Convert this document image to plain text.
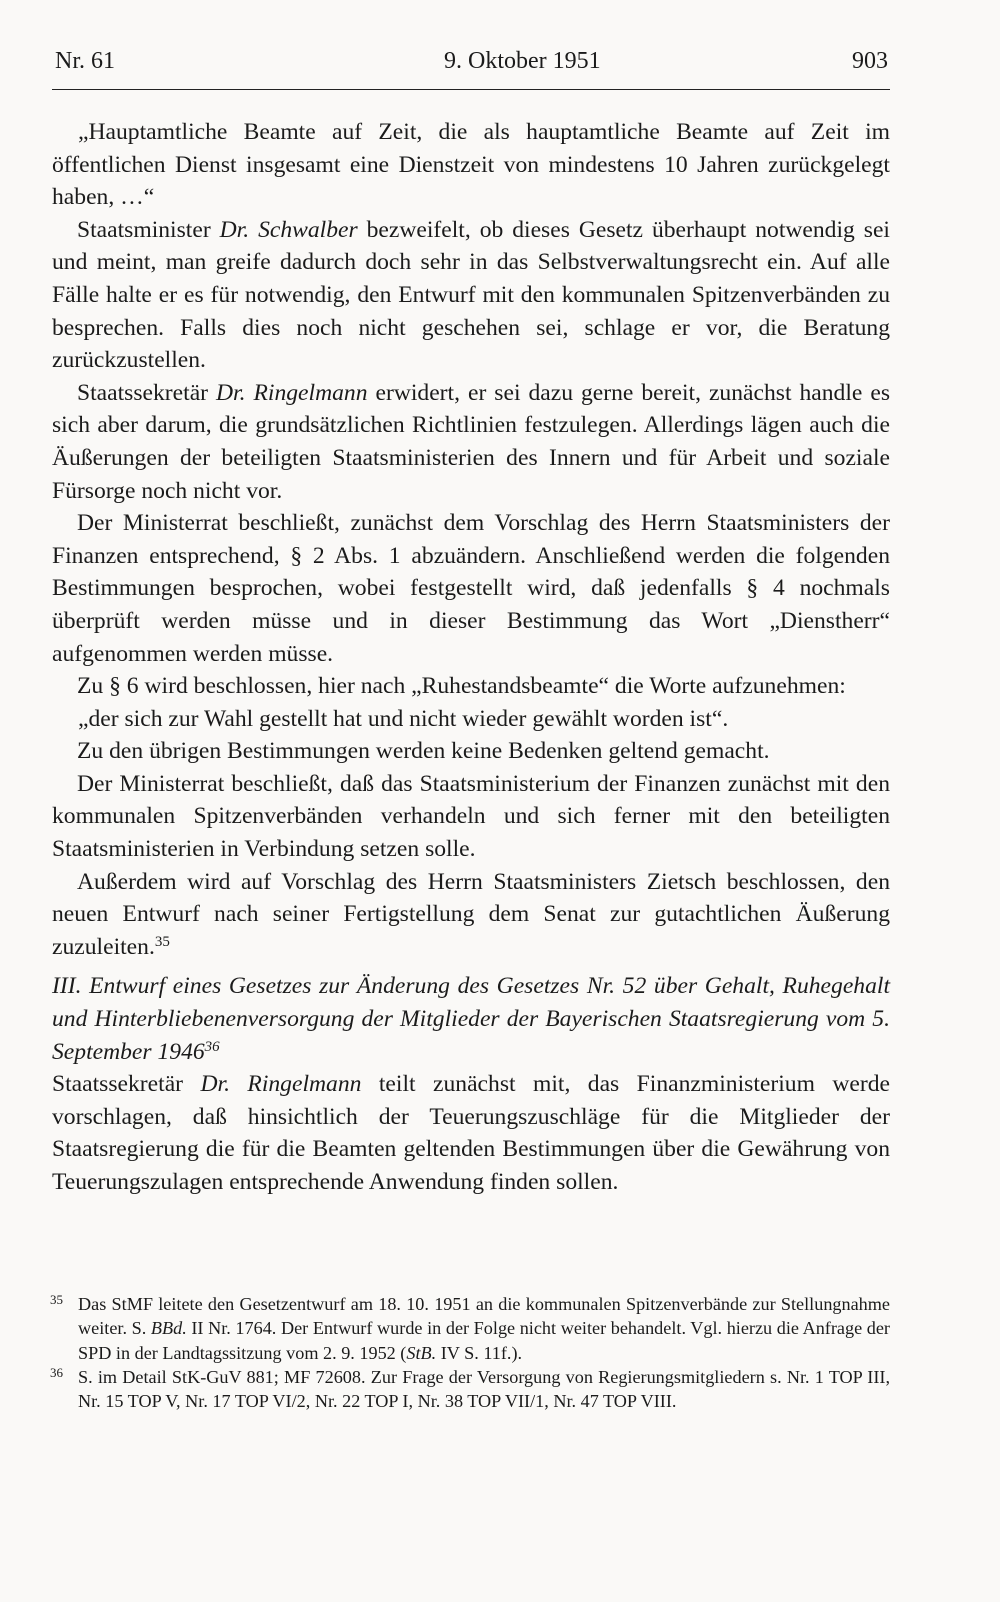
Nr. 61	9. Oktober 1951	903

„Hauptamtliche Beamte auf Zeit, die als hauptamtliche Beamte auf Zeit im öffentlichen Dienst insgesamt eine Dienstzeit von mindestens 10 Jahren zurückgelegt haben, …“

Staatsminister Dr. Schwalber bezweifelt, ob dieses Gesetz überhaupt notwendig sei und meint, man greife dadurch doch sehr in das Selbstverwaltungsrecht ein. Auf alle Fälle halte er es für notwendig, den Entwurf mit den kommunalen Spitzenverbänden zu besprechen. Falls dies noch nicht geschehen sei, schlage er vor, die Beratung zurückzustellen.

Staatssekretär Dr. Ringelmann erwidert, er sei dazu gerne bereit, zunächst handle es sich aber darum, die grundsätzlichen Richtlinien festzulegen. Allerdings lägen auch die Äußerungen der beteiligten Staatsministerien des Innern und für Arbeit und soziale Fürsorge noch nicht vor.

Der Ministerrat beschließt, zunächst dem Vorschlag des Herrn Staatsministers der Finanzen entsprechend, § 2 Abs. 1 abzuändern. Anschließend werden die folgenden Bestimmungen besprochen, wobei festgestellt wird, daß jedenfalls § 4 nochmals überprüft werden müsse und in dieser Bestimmung das Wort „Dienstherr“ aufgenommen werden müsse.

Zu § 6 wird beschlossen, hier nach „Ruhestandsbeamte“ die Worte aufzunehmen:

„der sich zur Wahl gestellt hat und nicht wieder gewählt worden ist“.

Zu den übrigen Bestimmungen werden keine Bedenken geltend gemacht.

Der Ministerrat beschließt, daß das Staatsministerium der Finanzen zunächst mit den kommunalen Spitzenverbänden verhandeln und sich ferner mit den beteiligten Staatsministerien in Verbindung setzen solle.

Außerdem wird auf Vorschlag des Herrn Staatsministers Zietsch beschlossen, den neuen Entwurf nach seiner Fertigstellung dem Senat zur gutachtlichen Äußerung zuzuleiten.$^{35}$

III. Entwurf eines Gesetzes zur Änderung des Gesetzes Nr. 52 über Gehalt, Ruhegehalt und Hinterbliebenenversorgung der Mitglieder der Bayerischen Staatsregierung vom 5. September 1946$^{36}$

Staatssekretär Dr. Ringelmann teilt zunächst mit, das Finanzministerium werde vorschlagen, daß hinsichtlich der Teuerungszuschläge für die Mitglieder der Staatsregierung die für die Beamten geltenden Bestimmungen über die Gewährung von Teuerungszulagen entsprechende Anwendung finden sollen.

35 Das StMF leitete den Gesetzentwurf am 18. 10. 1951 an die kommunalen Spitzenverbände zur Stellungnahme weiter. S. BBd. II Nr. 1764. Der Entwurf wurde in der Folge nicht weiter behandelt. Vgl. hierzu die Anfrage der SPD in der Landtagssitzung vom 2. 9. 1952 (StB. IV S. 11f.).

36 S. im Detail StK-GuV 881; MF 72608. Zur Frage der Versorgung von Regierungsmitgliedern s. Nr. 1 TOP III, Nr. 15 TOP V, Nr. 17 TOP VI/2, Nr. 22 TOP I, Nr. 38 TOP VII/1, Nr. 47 TOP VIII.
